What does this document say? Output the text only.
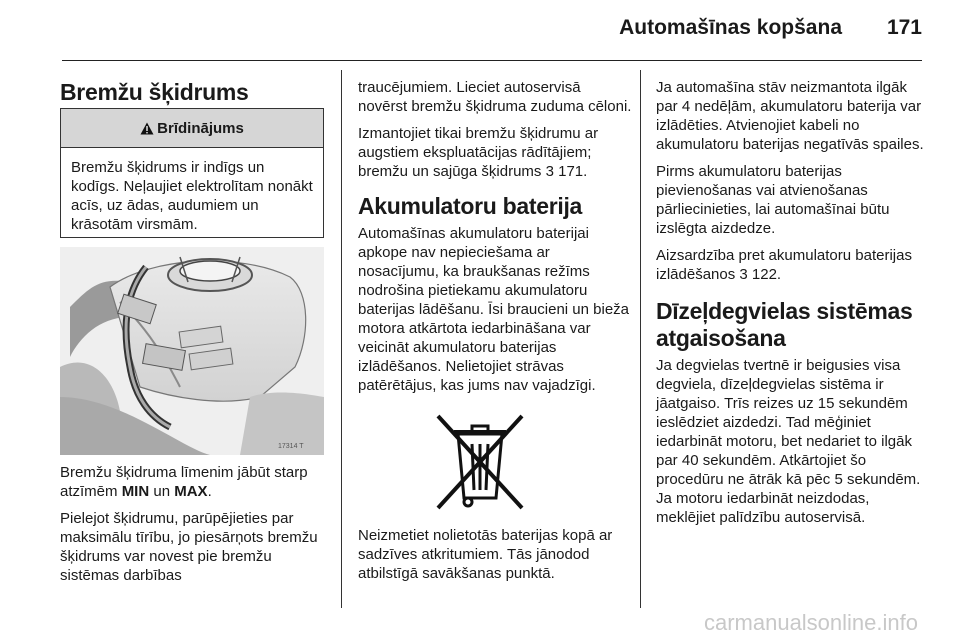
Automašīnas kopšana 171
Bremžu šķidrums
Brīdinājums
Bremžu šķidrums ir indīgs un kodīgs. Neļaujiet elektrolītam nonākt acīs, uz ādas, audumiem un krāsotām virsmām.
17314 T

Bremžu šķidruma līmenim jābūt starp atzīmēm MIN un MAX.

Pielejot šķidrumu, parūpējieties par maksimālu tīrību, jo piesārņots bremžu šķidrums var novest pie bremžu sistēmas darbības

traucējumiem. Lieciet autoservisā novērst bremžu šķidruma zuduma cēloni.

Izmantojiet tikai bremžu šķidrumu ar augstiem ekspluatācijas rādītājiem; bremžu un sajūga šķidrums 3 171.

Akumulatoru baterija

Automašīnas akumulatoru baterijai apkope nav nepieciešama ar nosacījumu, ka braukšanas režīms nodrošina pietiekamu akumulatoru baterijas lādēšanu. Īsi braucieni un bieža motora atkārtota iedarbināšana var veicināt akumulatoru baterijas izlādēšanos. Nelietojiet strāvas patērētājus, kas jums nav vajadzīgi.

Neizmetiet nolietotās baterijas kopā ar sadzīves atkritumiem. Tās jānodod atbilstīgā savākšanas punktā.

Ja automašīna stāv neizmantota ilgāk par 4 nedēļām, akumulatoru baterija var izlādēties. Atvienojiet kabeli no akumulatoru baterijas negatīvās spailes.

Pirms akumulatoru baterijas pievienošanas vai atvienošanas pārliecinieties, lai automašīnai būtu izslēgta aizdedze.

Aizsardzība pret akumulatoru baterijas izlādēšanos 3 122.

Dīzeļdegvielas sistēmas
atgaisošana

Ja degvielas tvertnē ir beigusies visa degviela, dīzeļdegvielas sistēma ir jāatgaiso. Trīs reizes uz 15 sekundēm ieslēdziet aizdedzi. Tad mēģiniet iedarbināt motoru, bet nedariet to ilgāk par 40 sekundēm. Atkārtojiet šo procedūru ne ātrāk kā pēc 5 sekundēm. Ja motoru iedarbināt neizdodas, meklējiet palīdzību autoservisā.

carmanualsonline.info
